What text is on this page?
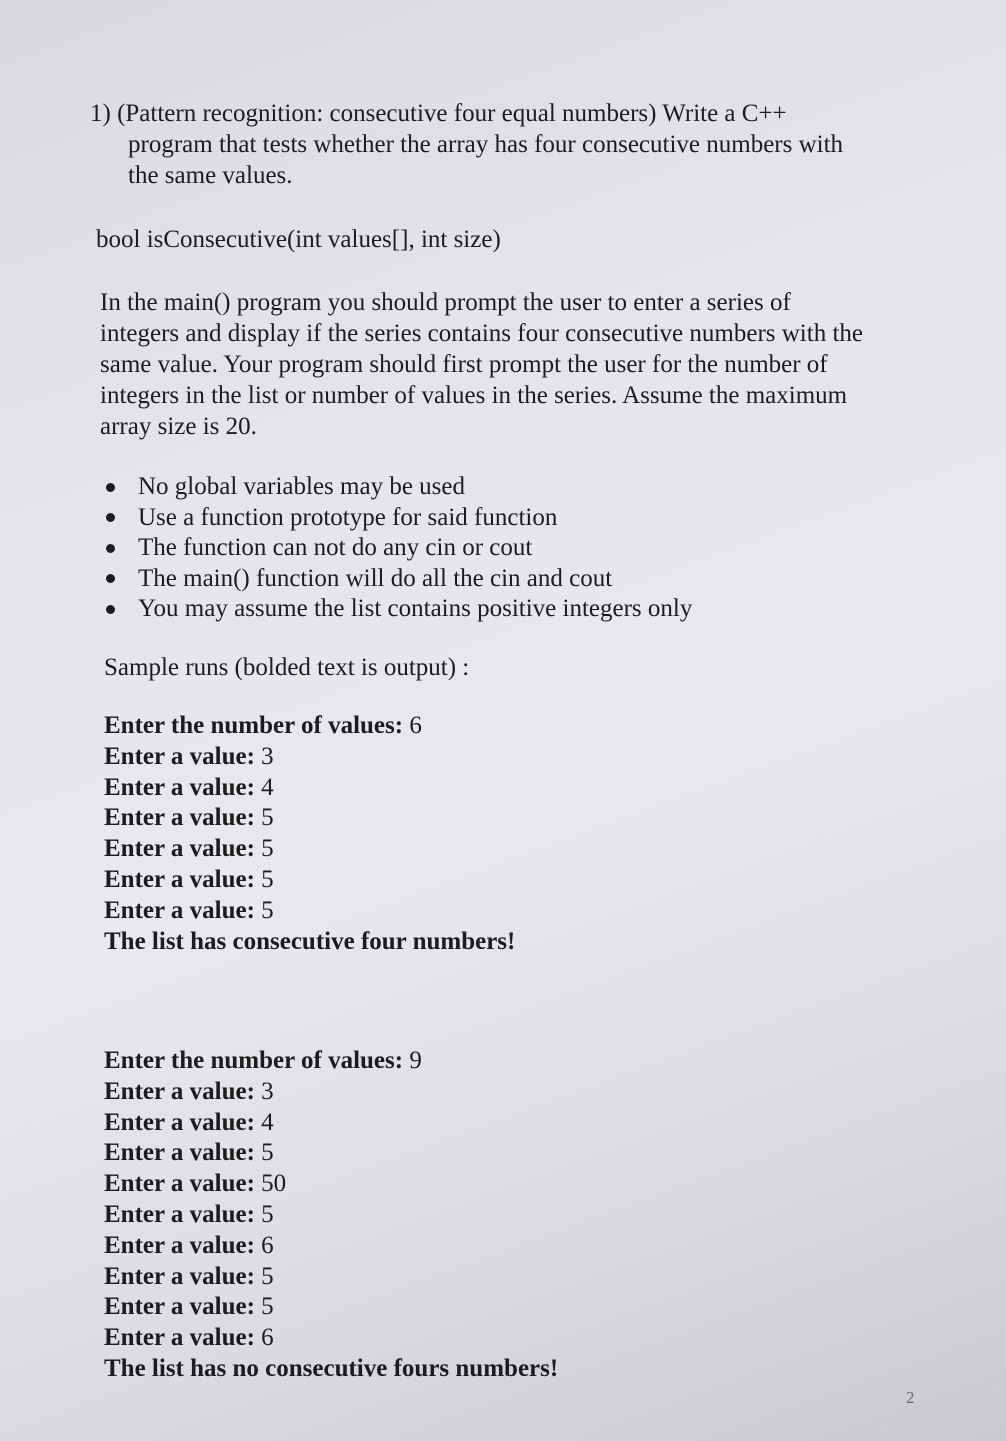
1) (Pattern recognition: consecutive four equal numbers) Write a C++
program that tests whether the array has four consecutive numbers with
the same values.
bool isConsecutive(int values[], int size)
In the main() program you should prompt the user to enter a series of
integers and display if the series contains four consecutive numbers with the
same value. Your program should first prompt the user for the number of
integers in the list or number of values in the series. Assume the maximum
array size is 20.
No global variables may be used
Use a function prototype for said function
The function can not do any cin or cout
The main() function will do all the cin and cout
You may assume the list contains positive integers only
Sample runs (bolded text is output) :
Enter the number of values: 6
Enter a value: 3
Enter a value: 4
Enter a value: 5
Enter a value: 5
Enter a value: 5
Enter a value: 5
The list has consecutive four numbers!
Enter the number of values: 9
Enter a value: 3
Enter a value: 4
Enter a value: 5
Enter a value: 50
Enter a value: 5
Enter a value: 6
Enter a value: 5
Enter a value: 5
Enter a value: 6
The list has no consecutive fours numbers!
2
